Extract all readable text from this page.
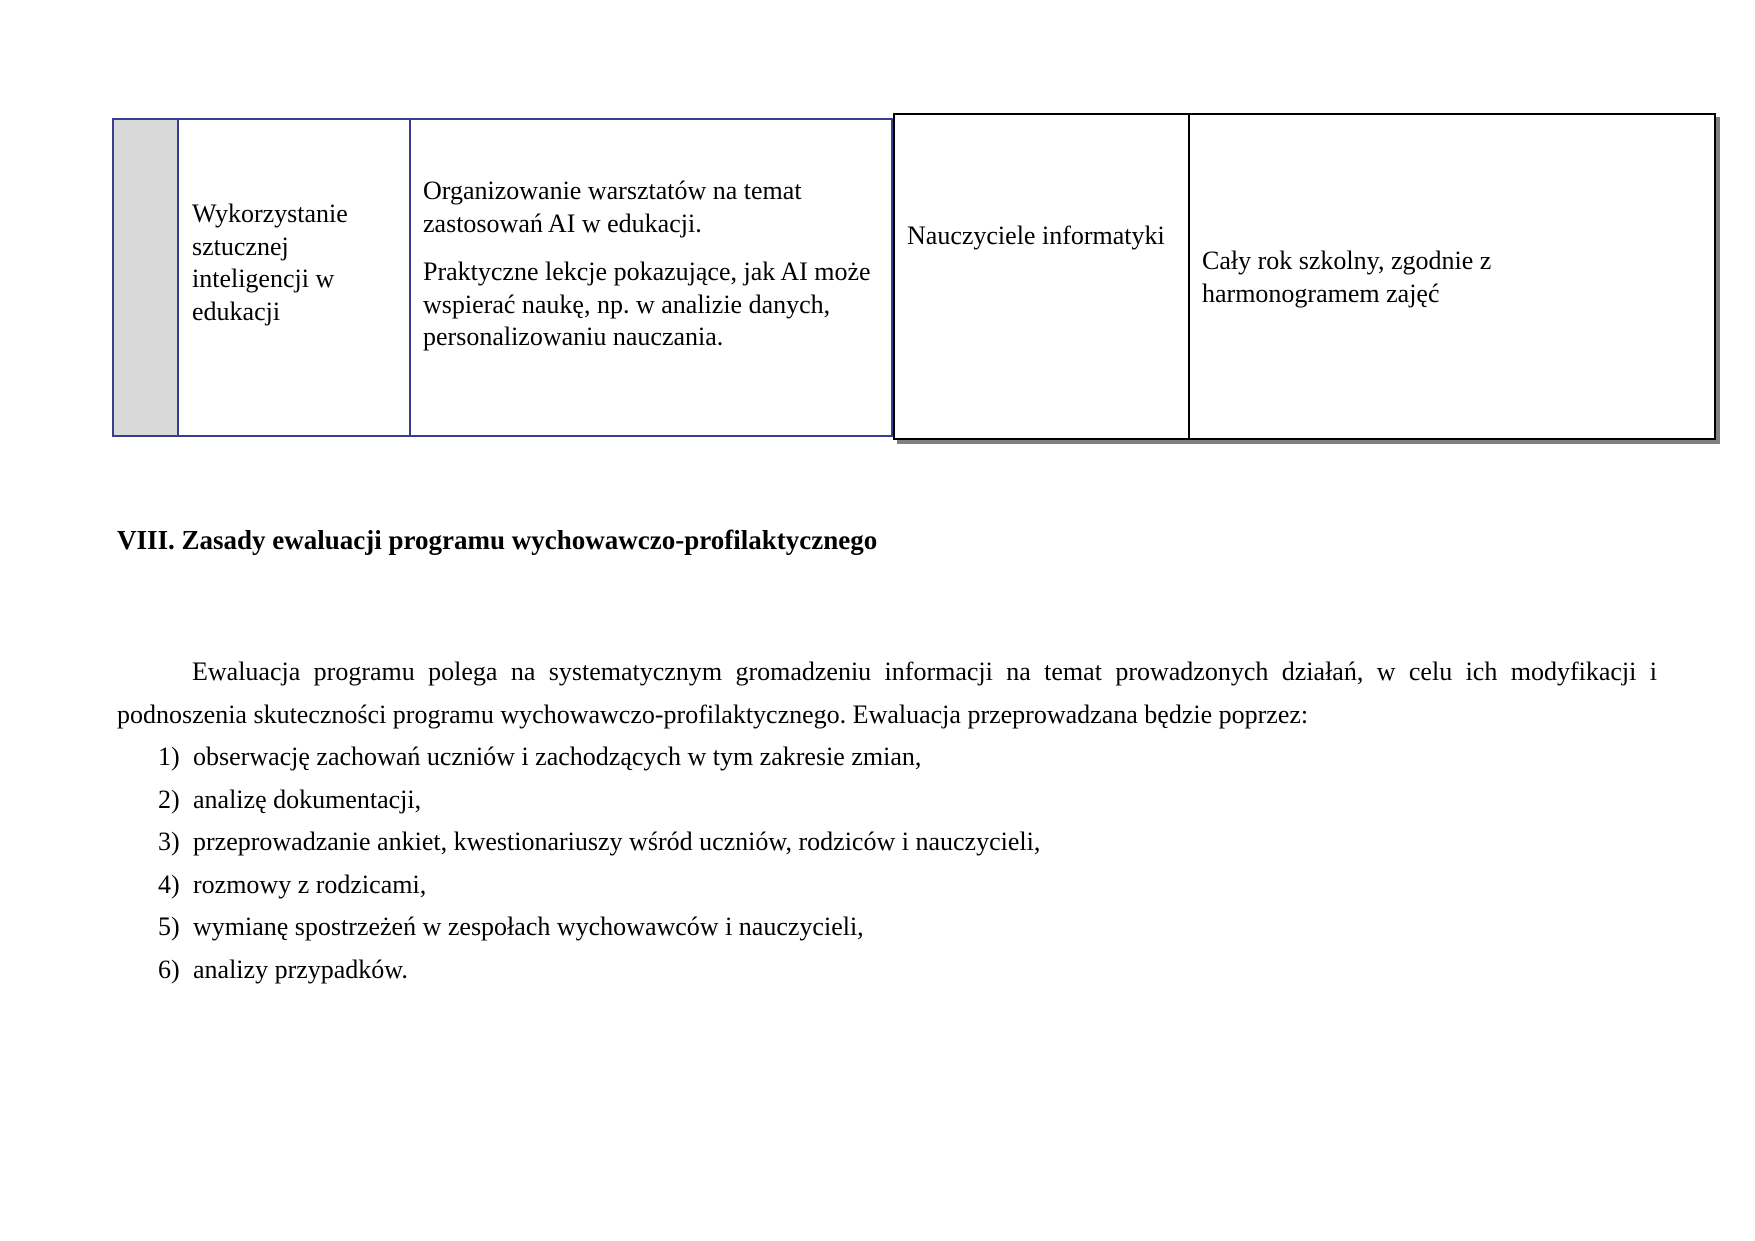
Wykorzystanie sztucznej inteligencji w edukacji

Organizowanie warsztatów na temat zastosowań AI w edukacji.

Praktyczne lekcje pokazujące, jak AI może wspierać naukę, np. w analizie danych, personalizowaniu nauczania.

Nauczyciele informatyki
Cały rok szkolny, zgodnie z harmonogramem zajęć
VIII. Zasady ewaluacji programu wychowawczo-profilaktycznego

Ewaluacja programu polega na systematycznym gromadzeniu informacji na temat prowadzonych działań, w celu ich modyfikacji i podnoszenia skuteczności programu wychowawczo-profilaktycznego. Ewaluacja przeprowadzana będzie poprzez:

1) obserwację zachowań uczniów i zachodzących w tym zakresie zmian,
2) analizę dokumentacji,
3) przeprowadzanie ankiet, kwestionariuszy wśród uczniów, rodziców i nauczycieli,
4) rozmowy z rodzicami,
5) wymianę spostrzeżeń w zespołach wychowawców i nauczycieli,
6) analizy przypadków.
